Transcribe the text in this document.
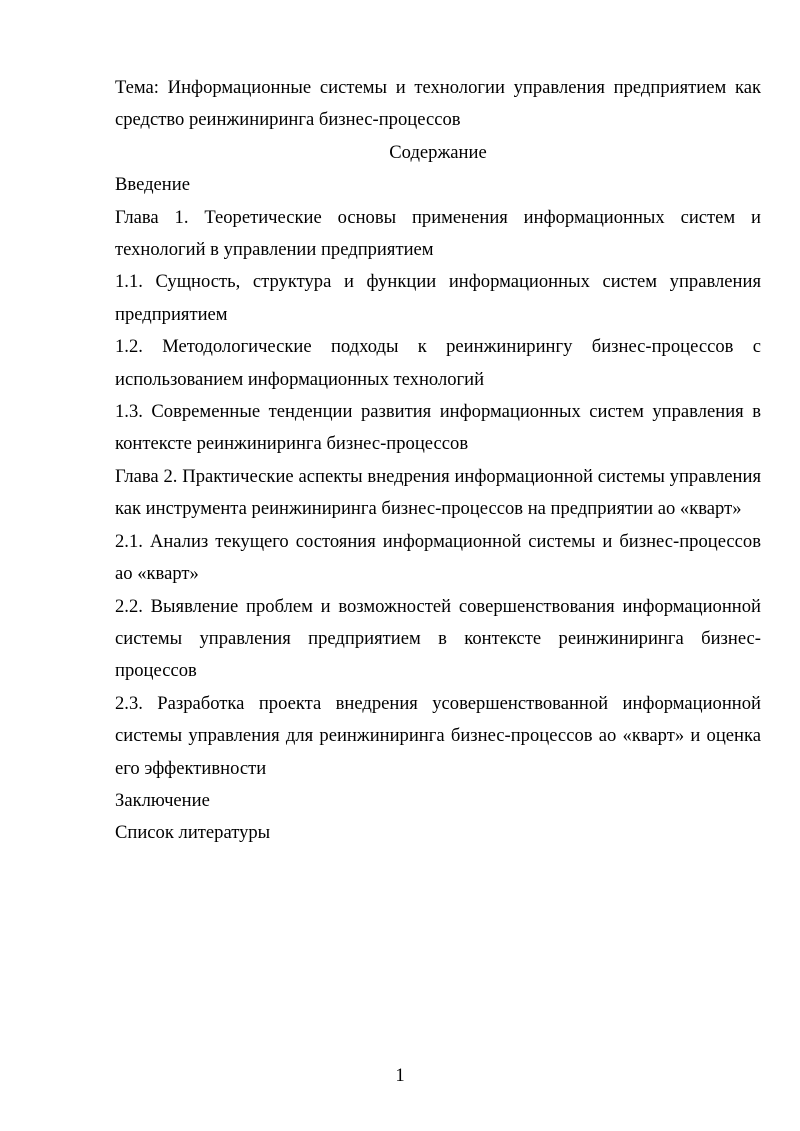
Тема: Информационные системы и технологии управления предприятием как средство реинжиниринга бизнес-процессов

Содержание

Введение

Глава 1. Теоретические основы применения информационных систем и технологий в управлении предприятием

1.1. Сущность, структура и функции информационных систем управления предприятием

1.2. Методологические подходы к реинжинирингу бизнес-процессов с использованием информационных технологий

1.3. Современные тенденции развития информационных систем управления в контексте реинжиниринга бизнес-процессов

Глава 2. Практические аспекты внедрения информационной системы управления как инструмента реинжиниринга бизнес-процессов на предприятии ао «кварт»

2.1. Анализ текущего состояния информационной системы и бизнес-процессов ао «кварт»

2.2. Выявление проблем и возможностей совершенствования информационной системы управления предприятием в контексте реинжиниринга бизнес-процессов

2.3. Разработка проекта внедрения усовершенствованной информационной системы управления для реинжиниринга бизнес-процессов ао «кварт» и оценка его эффективности

Заключение

Список литературы

1
